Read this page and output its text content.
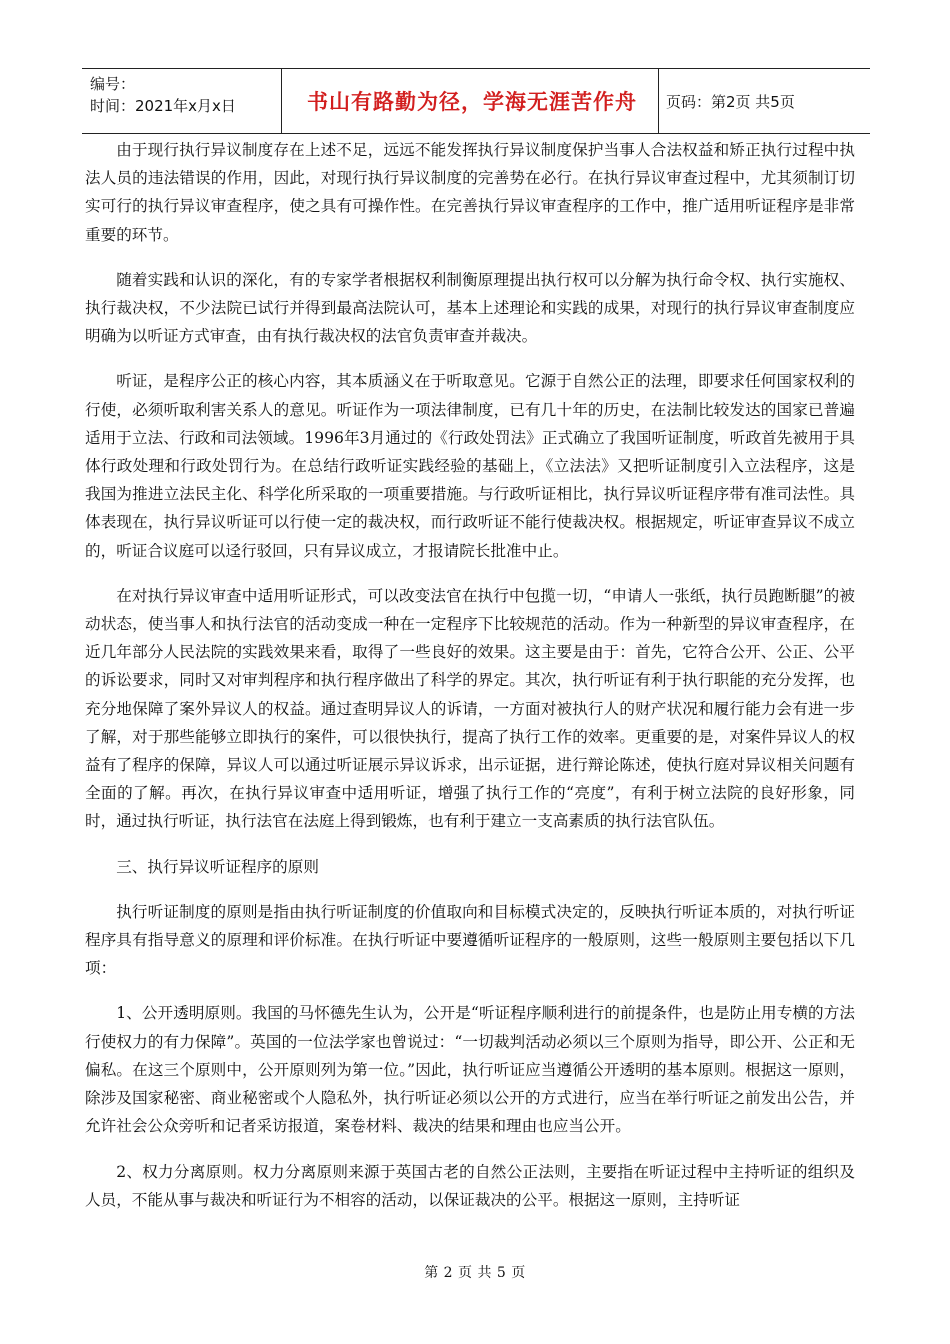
编号：
时间：2021年x月x日	书山有路勤为径，学海无涯苦作舟	页码：第2页 共5页

由于现行执行异议制度存在上述不足，远远不能发挥执行异议制度保护当事人合法权益和矫正执行过程中执法人员的违法错误的作用，因此，对现行执行异议制度的完善势在必行。在执行异议审查过程中，尤其须制订切实可行的执行异议审查程序，使之具有可操作性。在完善执行异议审查程序的工作中，推广适用听证程序是非常重要的环节。

随着实践和认识的深化，有的专家学者根据权利制衡原理提出执行权可以分解为执行命令权、执行实施权、执行裁决权，不少法院已试行并得到最高法院认可，基本上述理论和实践的成果，对现行的执行异议审查制度应明确为以听证方式审查，由有执行裁决权的法官负责审查并裁决。

听证，是程序公正的核心内容，其本质涵义在于听取意见。它源于自然公正的法理，即要求任何国家权利的行使，必须听取利害关系人的意见。听证作为一项法律制度，已有几十年的历史，在法制比较发达的国家已普遍适用于立法、行政和司法领域。1996年3月通过的《行政处罚法》正式确立了我国听证制度，听政首先被用于具体行政处理和行政处罚行为。在总结行政听证实践经验的基础上，《立法法》又把听证制度引入立法程序，这是我国为推进立法民主化、科学化所采取的一项重要措施。与行政听证相比，执行异议听证程序带有准司法性。具体表现在，执行异议听证可以行使一定的裁决权，而行政听证不能行使裁决权。根据规定，听证审查异议不成立的，听证合议庭可以迳行驳回，只有异议成立，才报请院长批准中止。

在对执行异议审查中适用听证形式，可以改变法官在执行中包揽一切，“申请人一张纸，执行员跑断腿”的被动状态，使当事人和执行法官的活动变成一种在一定程序下比较规范的活动。作为一种新型的异议审查程序，在近几年部分人民法院的实践效果来看，取得了一些良好的效果。这主要是由于：首先，它符合公开、公正、公平的诉讼要求，同时又对审判程序和执行程序做出了科学的界定。其次，执行听证有利于执行职能的充分发挥，也充分地保障了案外异议人的权益。通过查明异议人的诉请，一方面对被执行人的财产状况和履行能力会有进一步了解，对于那些能够立即执行的案件，可以很快执行，提高了执行工作的效率。更重要的是，对案件异议人的权益有了程序的保障，异议人可以通过听证展示异议诉求，出示证据，进行辩论陈述，使执行庭对异议相关问题有全面的了解。再次，在执行异议审查中适用听证，增强了执行工作的“亮度”，有利于树立法院的良好形象，同时，通过执行听证，执行法官在法庭上得到锻炼，也有利于建立一支高素质的执行法官队伍。

三、执行异议听证程序的原则

执行听证制度的原则是指由执行听证制度的价值取向和目标模式决定的，反映执行听证本质的，对执行听证程序具有指导意义的原理和评价标准。在执行听证中要遵循听证程序的一般原则，这些一般原则主要包括以下几项：

1、公开透明原则。我国的马怀德先生认为，公开是“听证程序顺利进行的前提条件，也是防止用专横的方法行使权力的有力保障”。英国的一位法学家也曾说过：“一切裁判活动必须以三个原则为指导，即公开、公正和无偏私。在这三个原则中，公开原则列为第一位。”因此，执行听证应当遵循公开透明的基本原则。根据这一原则，除涉及国家秘密、商业秘密或个人隐私外，执行听证必须以公开的方式进行，应当在举行听证之前发出公告，并允许社会公众旁听和记者采访报道，案卷材料、裁决的结果和理由也应当公开。

2、权力分离原则。权力分离原则来源于英国古老的自然公正法则，主要指在听证过程中主持听证的组织及人员，不能从事与裁决和听证行为不相容的活动，以保证裁决的公平。根据这一原则，主持听证

第 2 页 共 5 页
